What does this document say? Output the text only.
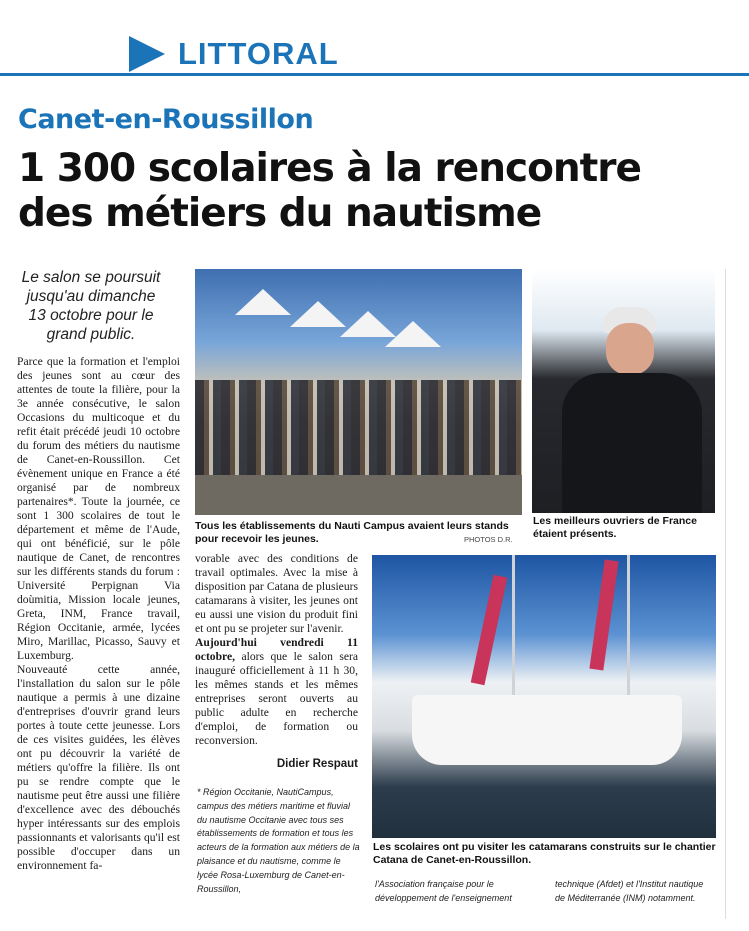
LITTORAL
Canet-en-Roussillon
1 300 scolaires à la rencontre
des métiers du nautisme
Le salon se poursuit jusqu'au dimanche 13 octobre pour le grand public.

Parce que la formation et l'emploi des jeunes sont au cœur des attentes de toute la filière, pour la 3e année consécutive, le salon Occasions du multicoque et du refit était précédé jeudi 10 octobre du forum des métiers du nautisme de Canet-en-Roussillon. Cet évènement unique en France a été organisé par de nombreux partenaires*. Toute la journée, ce sont 1 300 scolaires de tout le département et même de l'Aude, qui ont bénéficié, sur le pôle nautique de Canet, de rencontres sur les différents stands du forum : Université Perpignan Via doùmitia, Mission locale jeunes, Greta, INM, France travail, Région Occitanie, armée, lycées Miro, Marillac, Picasso, Sauvy et Luxemburg.

Nouveauté cette année, l'installation du salon sur le pôle nautique a permis à une dizaine d'entreprises d'ouvrir grand leurs portes à toute cette jeunesse. Lors de ces visites guidées, les élèves ont pu découvrir la variété de métiers qu'offre la filière. Ils ont pu se rendre compte que le nautisme peut être aussi une filière d'excellence avec des débouchés hyper intéressants sur des emplois passionnants et valorisants qu'il est possible d'occuper dans un environnement fa-

Tous les établissements du Nauti Campus avaient leurs stands pour recevoir les jeunes.	PHOTOS D.R.
Les meilleurs ouvriers de France étaient présents.

vorable avec des conditions de travail optimales. Avec la mise à disposition par Catana de plusieurs catamarans à visiter, les jeunes ont eu aussi une vision du produit fini et ont pu se projeter sur l'avenir.

Aujourd'hui vendredi 11 octobre, alors que le salon sera inauguré officiellement à 11 h 30, les mêmes stands et les mêmes entreprises seront ouverts au public adulte en recherche d'emploi, de formation ou reconversion.

Didier Respaut
Les scolaires ont pu visiter les catamarans construits sur le chantier Catana de Canet-en-Roussillon.
* Région Occitanie, NautiCampus, campus des métiers maritime et fluvial du nautisme Occitanie avec tous ses établissements de formation et tous les acteurs de la formation aux métiers de la plaisance et du nautisme, comme le lycée Rosa-Luxemburg de Canet-en-Roussillon,	l'Association française pour le développement de l'enseignement
technique (Afdet) et l'Institut nautique de Méditerranée (INM) notamment.
